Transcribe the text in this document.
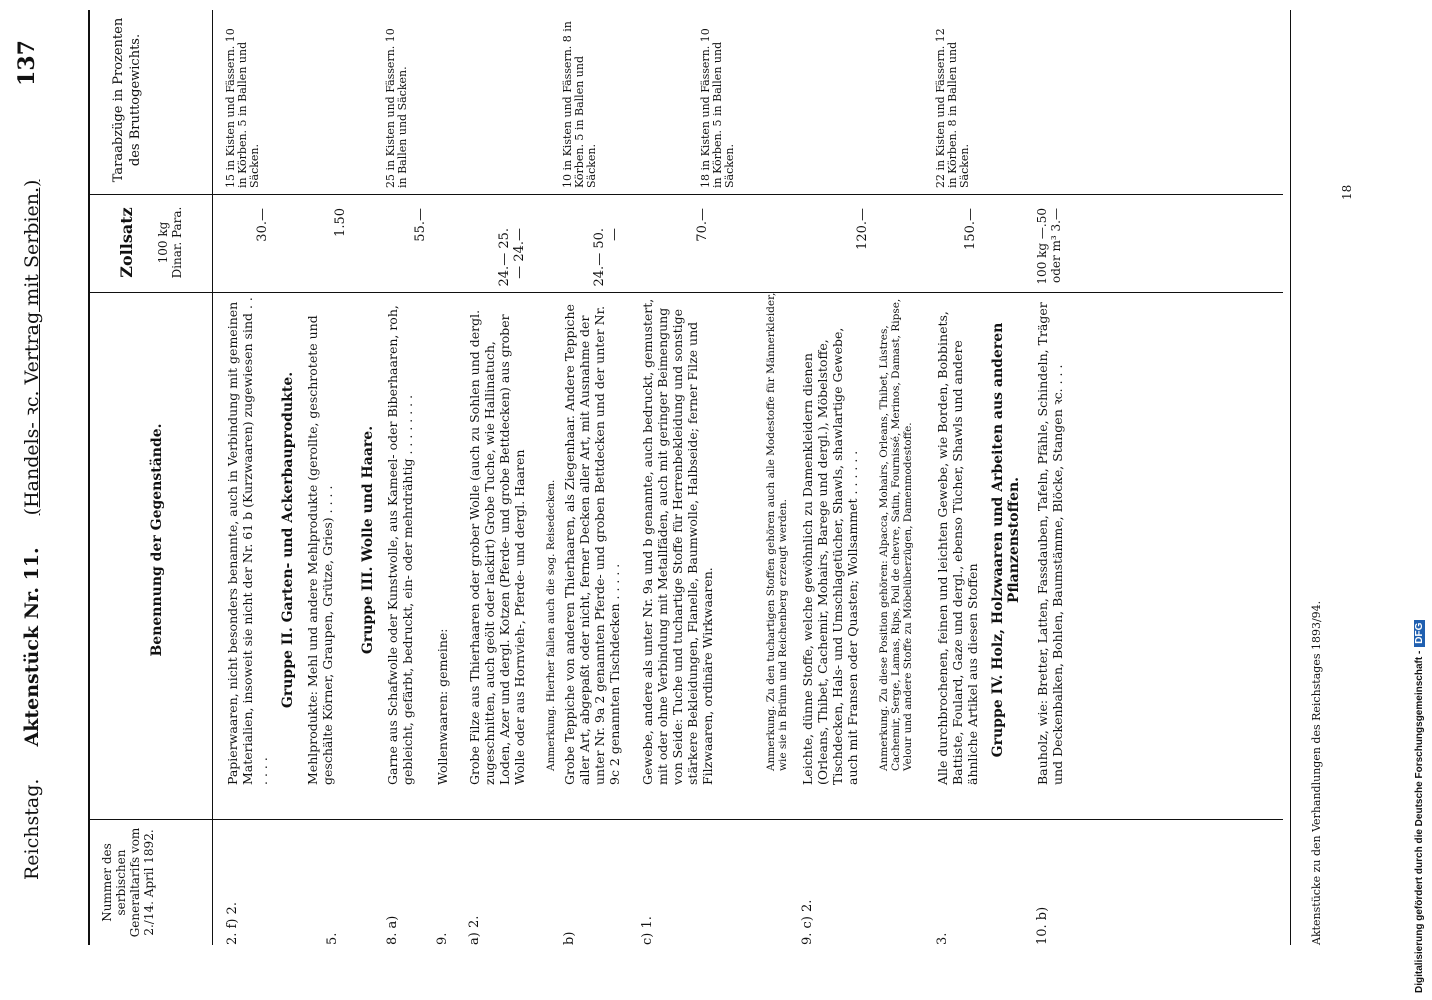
Reichstag. Aktenstück Nr. 11. (Handels- ꝛc. Vertrag mit Serbien.)
137
Nummer des serbischen Generaltarifs vom 2./14. April 1892.
Benennung der Gegenstände.
Zollsatz 100 kg Dinar. Para.
Taraabzüge in Prozenten des Bruttogewichts.
2. f) 2.
Papierwaaren, nicht besonders benannte, auch in Verbindung mit gemeinen Materialien, insoweit sie nicht der Nr. 61 b (Kurzwaaren) zugewiesen sind . . . . . .
30.—
15 in Kisten und Fässern. 10 in Körben. 5 in Ballen und Säcken.
Gruppe II. Garten- und Ackerbauprodukte.
5.
Mehlprodukte: Mehl und andere Mehlprodukte (gerollte, geschrotete und geschälte Körner, Graupen, Grütze, Gries) . . . .
1.50
Gruppe III. Wolle und Haare.
8. a)
Garne aus Schafwolle oder Kunstwolle, aus Kameel- oder Biberhaaren, roh, gebleicht, gefärbt, bedruckt, ein- oder mehrdrähtig . . . . . . . .
55.—
25 in Kisten und Fässern. 10 in Ballen und Säcken.
9.
Wollenwaaren: gemeine:
a) 2.
Grobe Filze aus Thierhaaren oder grober Wolle (auch zu Sohlen und dergl. zugeschnitten, auch geölt oder lackirt) Grobe Tuche, wie Hallinatuch, Loden, Azer und dergl. Kotzen (Pferde- und grobe Bettdecken) aus grober Wolle oder aus Hornvieh-, Pferde- und dergl. Haaren
24.— 25.— 24.—
Anmerkung. Hierher fallen auch die sog. Reisedecken.
b)
Grobe Teppiche von anderen Thierhaaren, als Ziegenhaar. Andere Teppiche aller Art, abgepaßt oder nicht, ferner Decken aller Art, mit Ausnahme der unter Nr. 9a 2 genannten Pferde- und groben Bettdecken und der unter Nr. 9c 2 genannten Tischdecken . . . . .
24.— 50.—
10 in Kisten und Fässern. 8 in Körben. 5 in Ballen und Säcken.
c) 1.
Gewebe, andere als unter Nr. 9a und b genannte, auch bedruckt, gemustert, mit oder ohne Verbindung mit Metallfäden, auch mit geringer Beimengung von Seide: Tuche und tuchartige Stoffe für Herrenbekleidung und sonstige stärkere Bekleidungen, Flanelle, Baumwolle, Halbseide; ferner Filze und Filzwaaren, ordinäre Wirkwaaren.
70.—
18 in Kisten und Fässern. 10 in Körben. 5 in Ballen und Säcken.
Anmerkung. Zu den tuchartigen Stoffen gehören auch alle Modestoffe für Männerkleider, wie sie in Brünn und Reichenberg erzeugt werden.
9. c) 2.
Leichte, dünne Stoffe, welche gewöhnlich zu Damenkleidern dienen (Orleans, Thibet, Cachemir, Mohairs, Barege und dergl.), Möbelstoffe, Tischdecken, Hals- und Umschlagetücher, Shawls, shawlartige Gewebe, auch mit Fransen oder Quasten; Wollsammet . . . . . .
120.—
Anmerkung. Zu diese Position gehören: Alpacca, Mohairs, Orleans, Thibet, Lüstres, Cachemir, Serge, Lamas, Rips, Poil de chevre, Satin, Fournissé, Merinos, Damast, Ripse, Velour und andere Stoffe zu Möbelüberzügen, Damenmodestoffe.
3.
Alle durchbrochenen, feinen und leichten Gewebe, wie Borden, Bobbinets, Battiste, Foulard, Gaze und dergl., ebenso Tücher, Shawls und andere ähnliche Artikel aus diesen Stoffen
150.—
22 in Kisten und Fässern. 12 in Körben. 8 in Ballen und Säcken.
Gruppe IV. Holz, Holzwaaren und Arbeiten aus anderen Pflanzenstoffen.
10. b)
Bauholz, wie: Bretter, Latten, Fassdauben, Tafeln, Pfähle, Schindeln, Träger und Deckenbalken, Bohlen, Baumstämme, Blöcke, Stangen ꝛc. . . .
100 kg —.50 oder m³ 3.—
Aktenstücke zu den Verhandlungen des Reichstages 1893/94.
18
Digitalisierung gefördert durch die Deutsche Forschungsgemeinschaft -DFG
